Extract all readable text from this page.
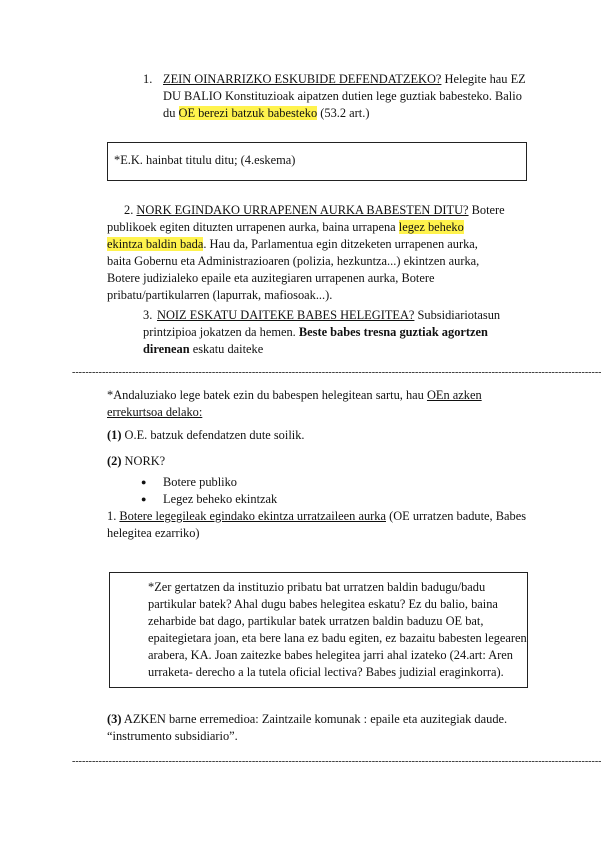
1. ZEIN OINARRIZKO ESKUBIDE DEFENDATZEKO? Helegite hau EZ
DU BALIO Konstituzioak aipatzen dutien lege guztiak babesteko. Balio
du OE berezi batzuk babesteko (53.2 art.)
*E.K. hainbat titulu ditu; (4.eskema)
2. NORK EGINDAKO URRAPENEN AURKA BABESTEN DITU? Botere
publikoek egiten dituzten urrapenen aurka, baina urrapena legez beheko
ekintza baldin bada. Hau da, Parlamentua egin ditzeketen urrapenen aurka,
baita Gobernu eta Administrazioaren (polizia, hezkuntza...) ekintzen aurka,
Botere judizialeko epaile eta auzitegiaren urrapenen aurka, Botere
pribatu/partikularren (lapurrak, mafiosoak...).
3. NOIZ ESKATU DAITEKE BABES HELEGITEA? Subsidiariotasun
printzipioa jokatzen da hemen. Beste babes tresna guztiak agortzen
direnean eskatu daiteke
---------------------------------------------------------------------------------------------------------------------------------------------------------------
*Andaluziako lege batek ezin du babespen helegitean sartu, hau OEn azken
errekurtsoa delako:
(1) O.E. batzuk defendatzen dute soilik.
(2) NORK?
● Botere publiko
● Legez beheko ekintzak
1. Botere legegileak egindako ekintza urratzaileen aurka (OE urratzen badute, Babes
helegitea ezarriko)
*Zer gertatzen da instituzio pribatu bat urratzen baldin badugu/badu
partikular batek? Ahal dugu babes helegitea eskatu? Ez du balio, baina
zeharbide bat dago, partikular batek urratzen baldin baduzu OE bat,
epaitegietara joan, eta bere lana ez badu egiten, ez bazaitu babesten legearen
arabera, KA. Joan zaitezke babes helegitea jarri ahal izateko (24.art: Aren
urraketa- derecho a la tutela oficial lectiva? Babes judizial eraginkorra).
(3) AZKEN barne erremedioa: Zaintzaile komunak : epaile eta auzitegiak daude.
“instrumento subsidiario”.
---------------------------------------------------------------------------------------------------------------------------------------------------------------
